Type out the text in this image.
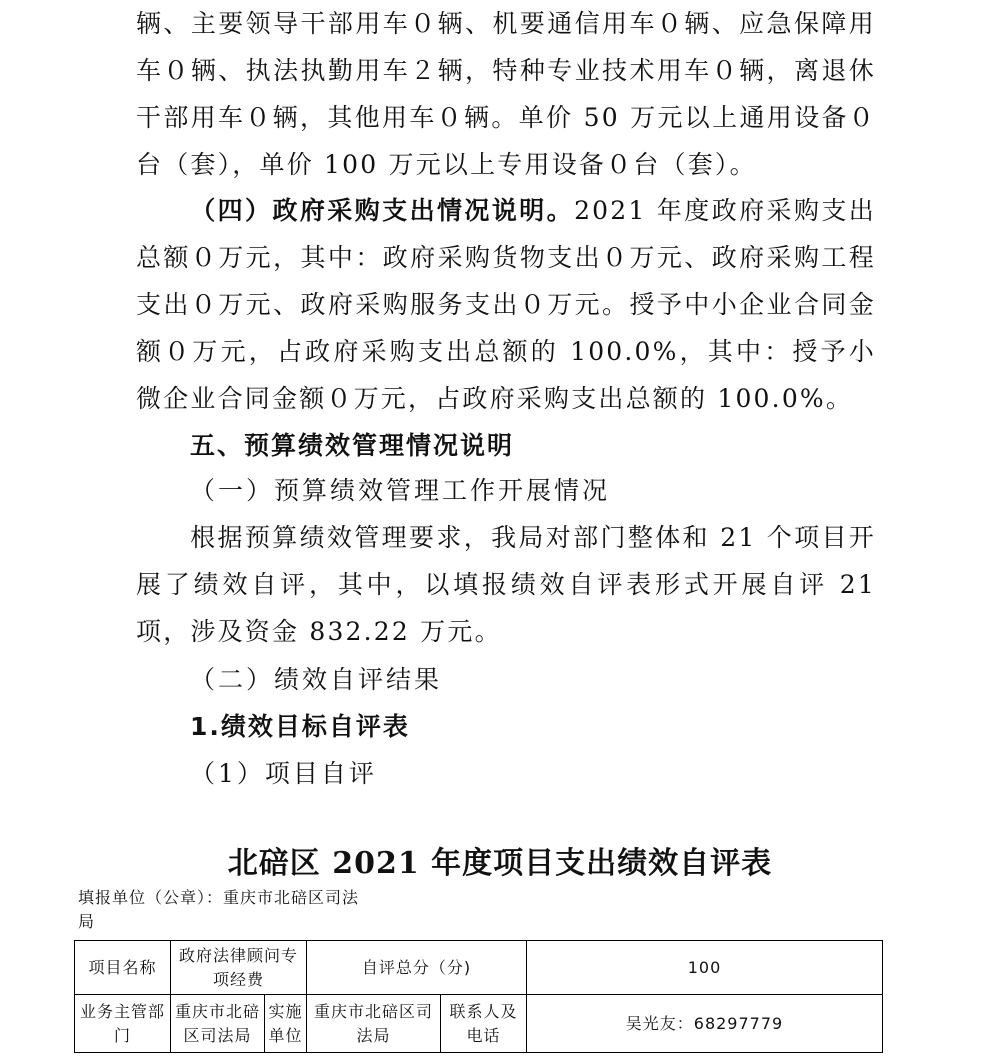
辆、主要领导干部用车０辆、机要通信用车０辆、应急保障用车０辆、执法执勤用车２辆，特种专业技术用车０辆，离退休干部用车０辆，其他用车０辆。单价 50 万元以上通用设备０台（套），单价 100 万元以上专用设备０台（套）。

（四）政府采购支出情况说明。2021 年度政府采购支出总额０万元，其中：政府采购货物支出０万元、政府采购工程支出０万元、政府采购服务支出０万元。授予中小企业合同金额０万元，占政府采购支出总额的 100.0%，其中：授予小微企业合同金额０万元，占政府采购支出总额的 100.0%。

五、预算绩效管理情况说明

（一）预算绩效管理工作开展情况

根据预算绩效管理要求，我局对部门整体和 21 个项目开展了绩效自评，其中，以填报绩效自评表形式开展自评 21 项，涉及资金 832.22 万元。

（二）绩效自评结果

1.绩效目标自评表

（1）项目自评

北碚区 2021 年度项目支出绩效自评表
填报单位（公章）：重庆市北碚区司法局
项目名称	政府法律顾问专项经费		自评总分（分)		100
业务主管部门	重庆市北碚区司法局	实施单位	重庆市北碚区司法局	联系人及电话	吴光友：68297779
